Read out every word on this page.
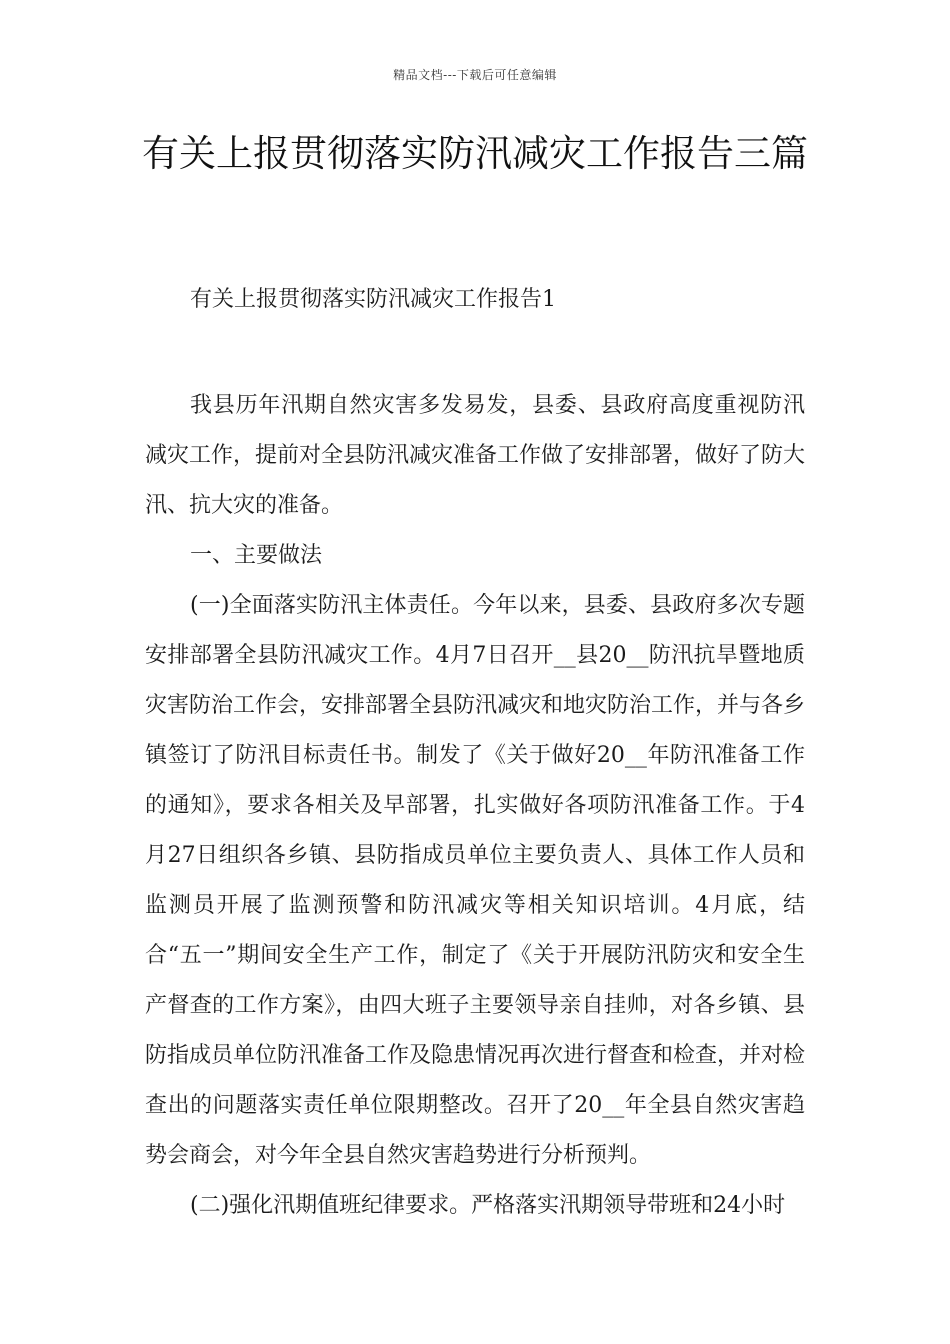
精品文档---下载后可任意编辑
有关上报贯彻落实防汛减灾工作报告三篇
有关上报贯彻落实防汛减灾工作报告1

我县历年汛期自然灾害多发易发，县委、县政府高度重视防汛减灾工作，提前对全县防汛减灾准备工作做了安排部署，做好了防大汛、抗大灾的准备。

一、主要做法

(一)全面落实防汛主体责任。今年以来，县委、县政府多次专题安排部署全县防汛减灾工作。4月7日召开__县20__防汛抗旱暨地质灾害防治工作会，安排部署全县防汛减灾和地灾防治工作，并与各乡镇签订了防汛目标责任书。制发了《关于做好20__年防汛准备工作的通知》，要求各相关及早部署，扎实做好各项防汛准备工作。于4月27日组织各乡镇、县防指成员单位主要负责人、具体工作人员和监测员开展了监测预警和防汛减灾等相关知识培训。4月底，结合“五一”期间安全生产工作，制定了《关于开展防汛防灾和安全生产督查的工作方案》，由四大班子主要领导亲自挂帅，对各乡镇、县防指成员单位防汛准备工作及隐患情况再次进行督查和检查，并对检查出的问题落实责任单位限期整改。召开了20__年全县自然灾害趋势会商会，对今年全县自然灾害趋势进行分析预判。

(二)强化汛期值班纪律要求。严格落实汛期领导带班和24小时
